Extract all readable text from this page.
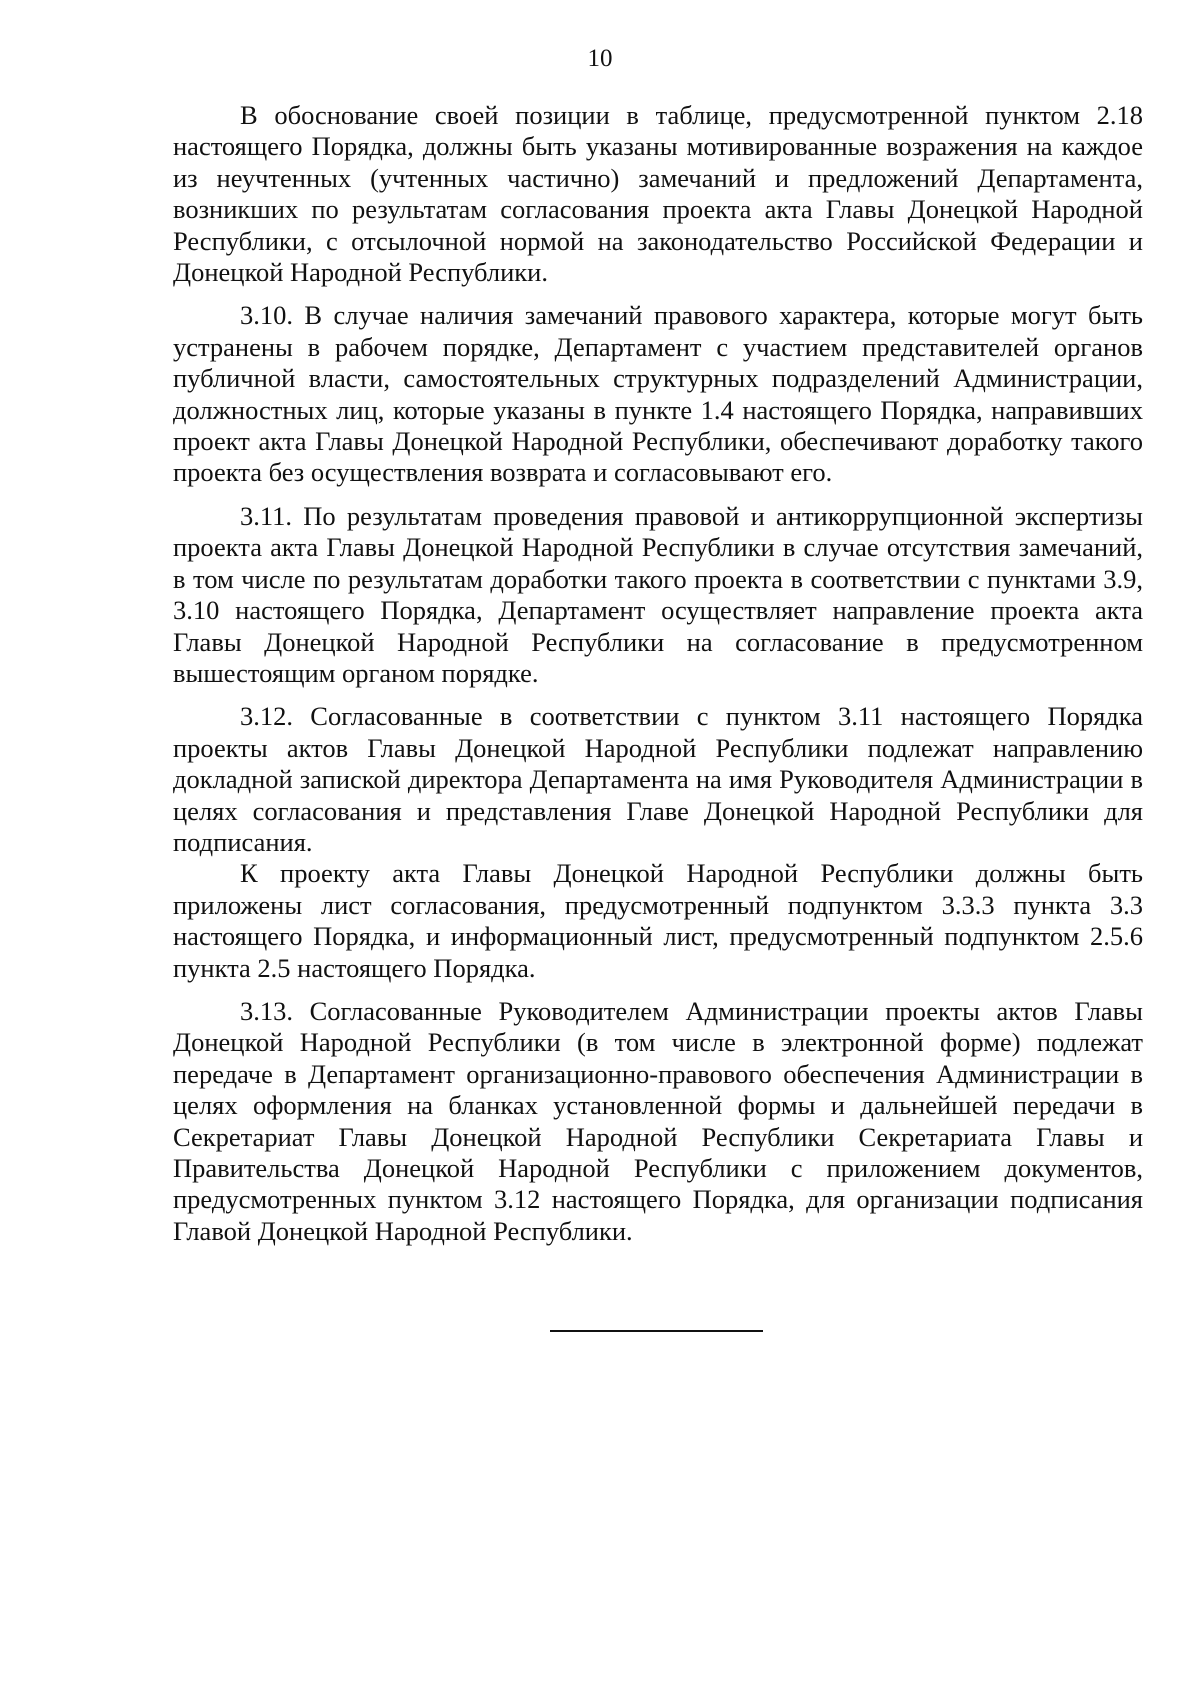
10

В обоснование своей позиции в таблице, предусмотренной пунктом 2.18 настоящего Порядка, должны быть указаны мотивированные возражения на каждое из неучтенных (учтенных частично) замечаний и предложений Департамента, возникших по результатам согласования проекта акта Главы Донецкой Народной Республики, с отсылочной нормой на законодательство Российской Федерации и Донецкой Народной Республики.

3.10. В случае наличия замечаний правового характера, которые могут быть устранены в рабочем порядке, Департамент с участием представителей органов публичной власти, самостоятельных структурных подразделений Администрации, должностных лиц, которые указаны в пункте 1.4 настоящего Порядка, направивших проект акта Главы Донецкой Народной Республики, обеспечивают доработку такого проекта без осуществления возврата и согласовывают его.

3.11. По результатам проведения правовой и антикоррупционной экспертизы проекта акта Главы Донецкой Народной Республики в случае отсутствия замечаний, в том числе по результатам доработки такого проекта в соответствии с пунктами 3.9, 3.10 настоящего Порядка, Департамент осуществляет направление проекта акта Главы Донецкой Народной Республики на согласование в предусмотренном вышестоящим органом порядке.

3.12. Согласованные в соответствии с пунктом 3.11 настоящего Порядка проекты актов Главы Донецкой Народной Республики подлежат направлению докладной запиской директора Департамента на имя Руководителя Администрации в целях согласования и представления Главе Донецкой Народной Республики для подписания.

К проекту акта Главы Донецкой Народной Республики должны быть приложены лист согласования, предусмотренный подпунктом 3.3.3 пункта 3.3 настоящего Порядка, и информационный лист, предусмотренный подпунктом 2.5.6 пункта 2.5 настоящего Порядка.

3.13. Согласованные Руководителем Администрации проекты актов Главы Донецкой Народной Республики (в том числе в электронной форме) подлежат передаче в Департамент организационно-правового обеспечения Администрации в целях оформления на бланках установленной формы и дальнейшей передачи в Секретариат Главы Донецкой Народной Республики Секретариата Главы и Правительства Донецкой Народной Республики с приложением документов, предусмотренных пунктом 3.12 настоящего Порядка, для организации подписания Главой Донецкой Народной Республики.
